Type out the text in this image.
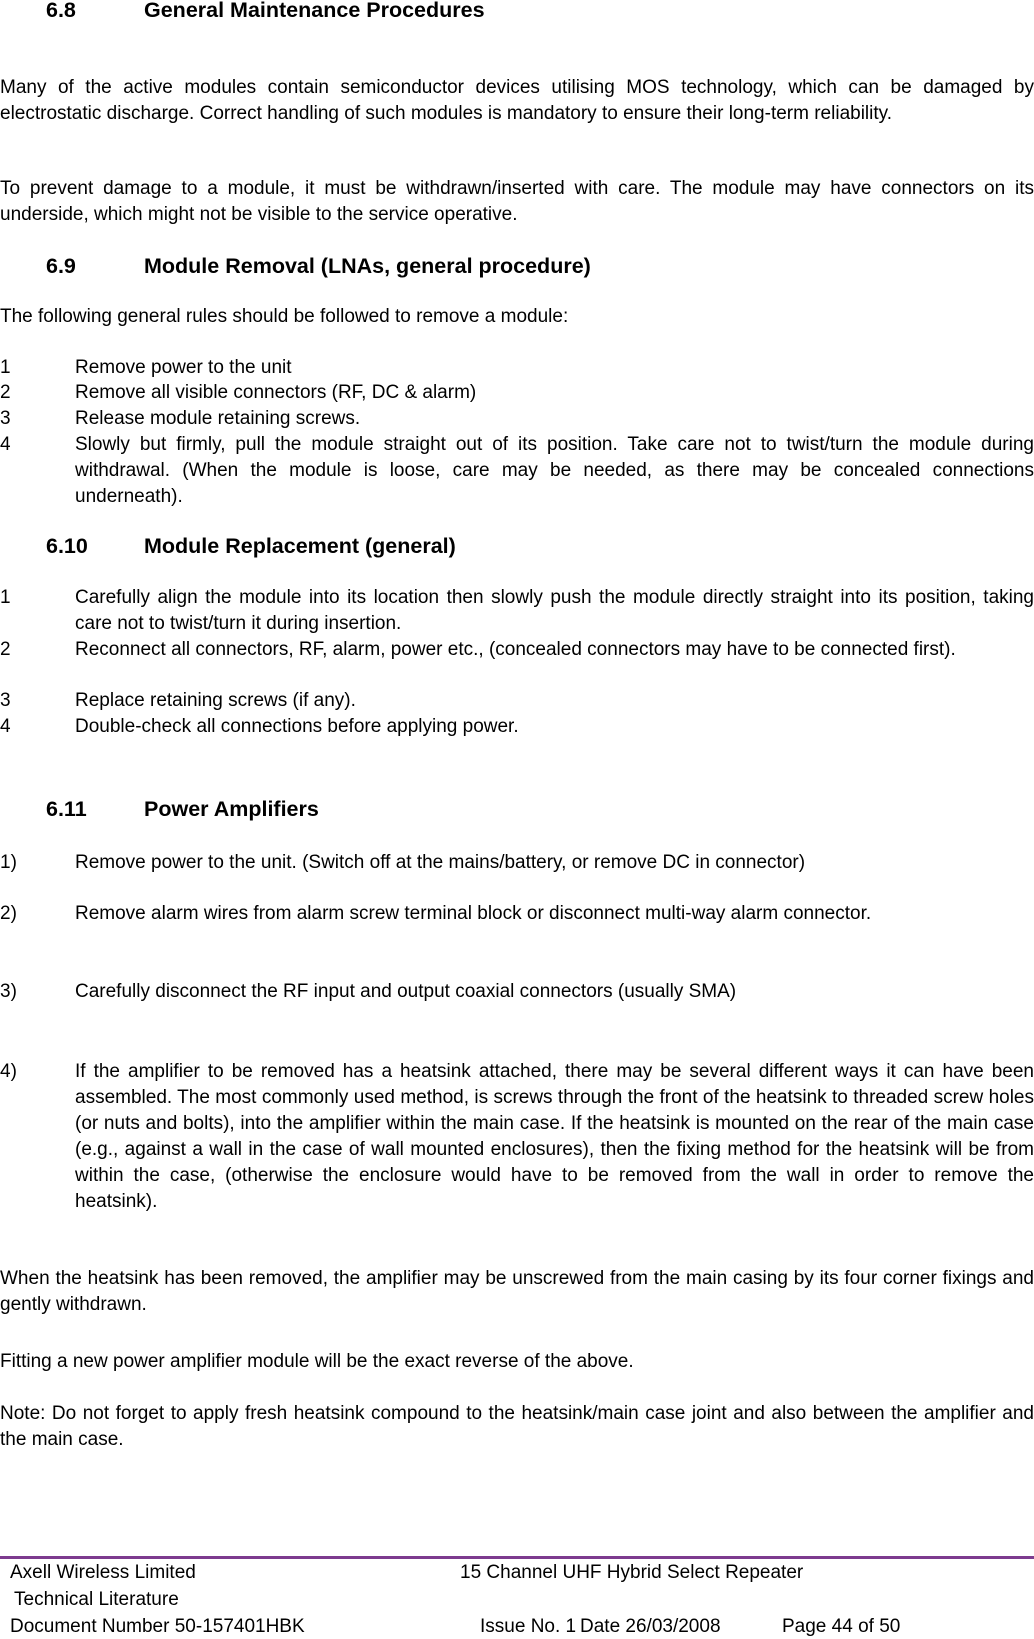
6.8	General Maintenance Procedures
Many of the active modules contain semiconductor devices utilising MOS technology, which can be damaged by electrostatic discharge. Correct handling of such modules is mandatory to ensure their long-term reliability.
To prevent damage to a module, it must be withdrawn/inserted with care. The module may have connectors on its underside, which might not be visible to the service operative.
6.9	Module Removal (LNAs, general procedure)
The following general rules should be followed to remove a module:
1	Remove power to the unit
2	Remove all visible connectors (RF, DC & alarm)
3	Release module retaining screws.
4	Slowly but firmly, pull the module straight out of its position. Take care not to twist/turn the module during withdrawal. (When the module is loose, care may be needed, as there may be concealed connections underneath).
6.10	Module Replacement (general)
1	Carefully align the module into its location then slowly push the module directly straight into its position, taking care not to twist/turn it during insertion.
2	Reconnect all connectors, RF, alarm, power etc., (concealed connectors may have to be connected first).
3	Replace retaining screws (if any).
4	Double-check all connections before applying power.
6.11	Power Amplifiers
1)	Remove power to the unit. (Switch off at the mains/battery, or remove DC in connector)
2)	Remove alarm wires from alarm screw terminal block or disconnect multi-way alarm connector.
3)	Carefully disconnect the RF input and output coaxial connectors (usually SMA)
4)	If the amplifier to be removed has a heatsink attached, there may be several different ways it can have been assembled. The most commonly used method, is screws through the front of the heatsink to threaded screw holes (or nuts and bolts), into the amplifier within the main case. If the heatsink is mounted on the rear of the main case (e.g., against a wall in the case of wall mounted enclosures), then the fixing method for the heatsink will be from within the case, (otherwise the enclosure would have to be removed from the wall in order to remove the heatsink).
When the heatsink has been removed, the amplifier may be unscrewed from the main casing by its four corner fixings and gently withdrawn.
Fitting a new power amplifier module will be the exact reverse of the above.
Note: Do not forget to apply fresh heatsink compound to the heatsink/main case joint and also between the amplifier and the main case.
Axell Wireless Limited
Technical Literature
15 Channel UHF Hybrid Select Repeater
Document Number 50-157401HBK	Issue No. 1 Date 26/03/2008	Page 44 of 50
